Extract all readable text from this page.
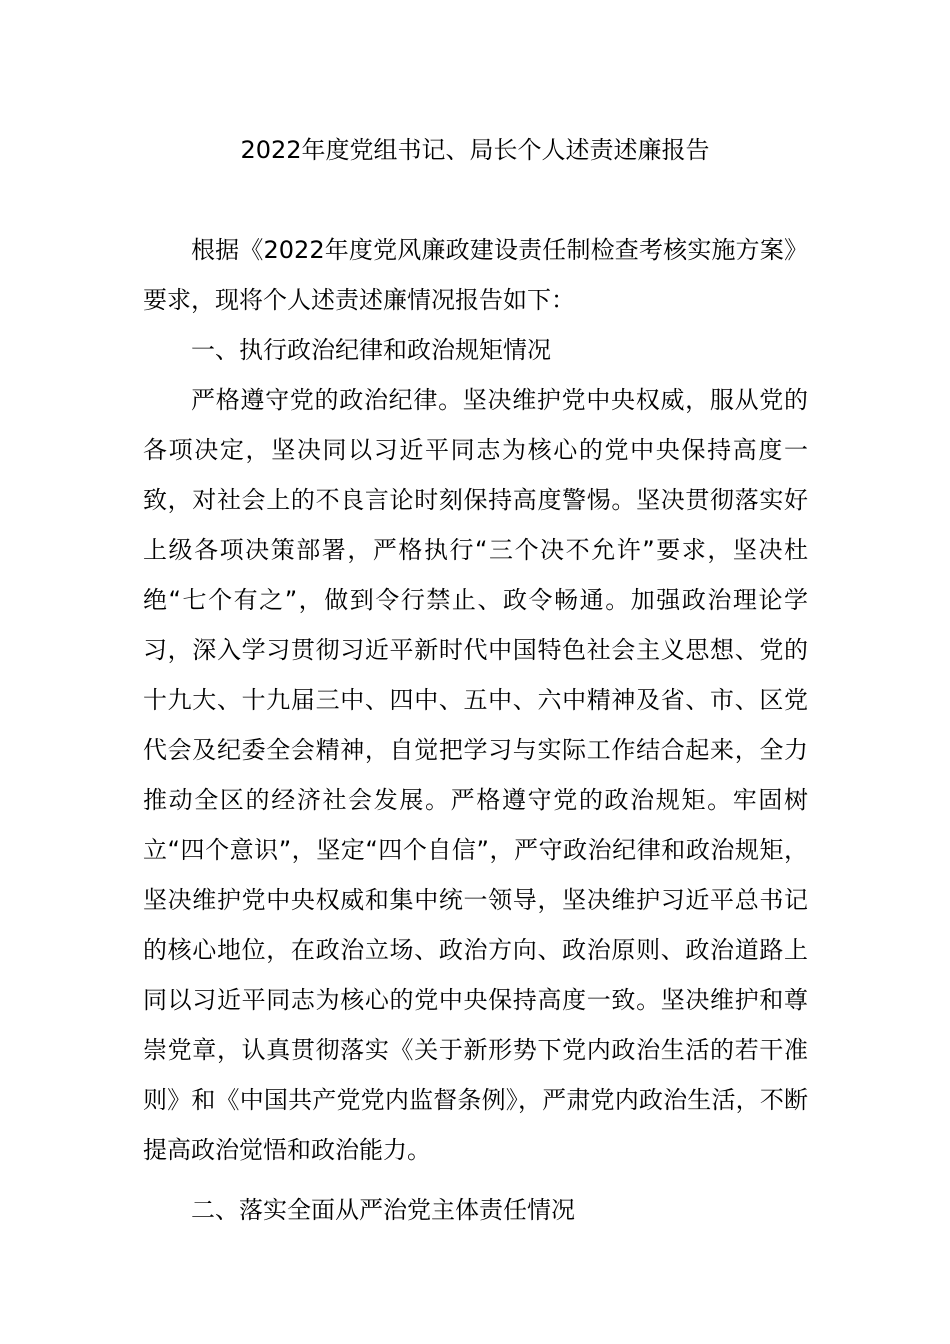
2022年度党组书记、局长个人述责述廉报告

根据《2022年度党风廉政建设责任制检查考核实施方案》要求，现将个人述责述廉情况报告如下：

一、执行政治纪律和政治规矩情况

严格遵守党的政治纪律。坚决维护党中央权威，服从党的各项决定，坚决同以习近平同志为核心的党中央保持高度一致，对社会上的不良言论时刻保持高度警惕。坚决贯彻落实好上级各项决策部署，严格执行“三个决不允许”要求，坚决杜绝“七个有之”，做到令行禁止、政令畅通。加强政治理论学习，深入学习贯彻习近平新时代中国特色社会主义思想、党的十九大、十九届三中、四中、五中、六中精神及省、市、区党代会及纪委全会精神，自觉把学习与实际工作结合起来，全力推动全区的经济社会发展。严格遵守党的政治规矩。牢固树立“四个意识”，坚定“四个自信”，严守政治纪律和政治规矩，坚决维护党中央权威和集中统一领导，坚决维护习近平总书记的核心地位，在政治立场、政治方向、政治原则、政治道路上同以习近平同志为核心的党中央保持高度一致。坚决维护和尊崇党章，认真贯彻落实《关于新形势下党内政治生活的若干准则》和《中国共产党党内监督条例》，严肃党内政治生活，不断提高政治觉悟和政治能力。

二、落实全面从严治党主体责任情况
